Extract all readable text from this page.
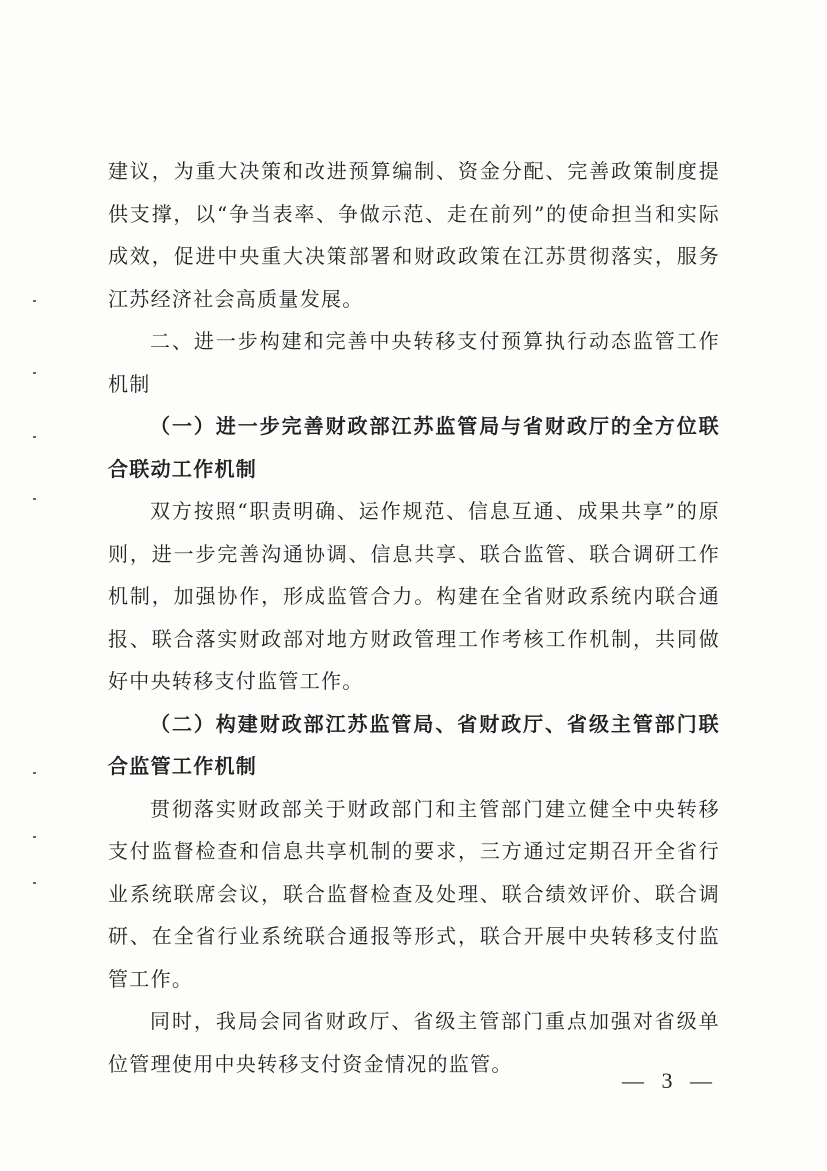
建议，为重大决策和改进预算编制、资金分配、完善政策制度提供支撑，以“争当表率、争做示范、走在前列”的使命担当和实际成效，促进中央重大决策部署和财政政策在江苏贯彻落实，服务江苏经济社会高质量发展。

二、进一步构建和完善中央转移支付预算执行动态监管工作机制

（一）进一步完善财政部江苏监管局与省财政厅的全方位联合联动工作机制

双方按照“职责明确、运作规范、信息互通、成果共享”的原则，进一步完善沟通协调、信息共享、联合监管、联合调研工作机制，加强协作，形成监管合力。构建在全省财政系统内联合通报、联合落实财政部对地方财政管理工作考核工作机制，共同做好中央转移支付监管工作。

（二）构建财政部江苏监管局、省财政厅、省级主管部门联合监管工作机制

贯彻落实财政部关于财政部门和主管部门建立健全中央转移支付监督检查和信息共享机制的要求，三方通过定期召开全省行业系统联席会议，联合监督检查及处理、联合绩效评价、联合调研、在全省行业系统联合通报等形式，联合开展中央转移支付监管工作。

同时，我局会同省财政厅、省级主管部门重点加强对省级单位管理使用中央转移支付资金情况的监管。

— 3 —
